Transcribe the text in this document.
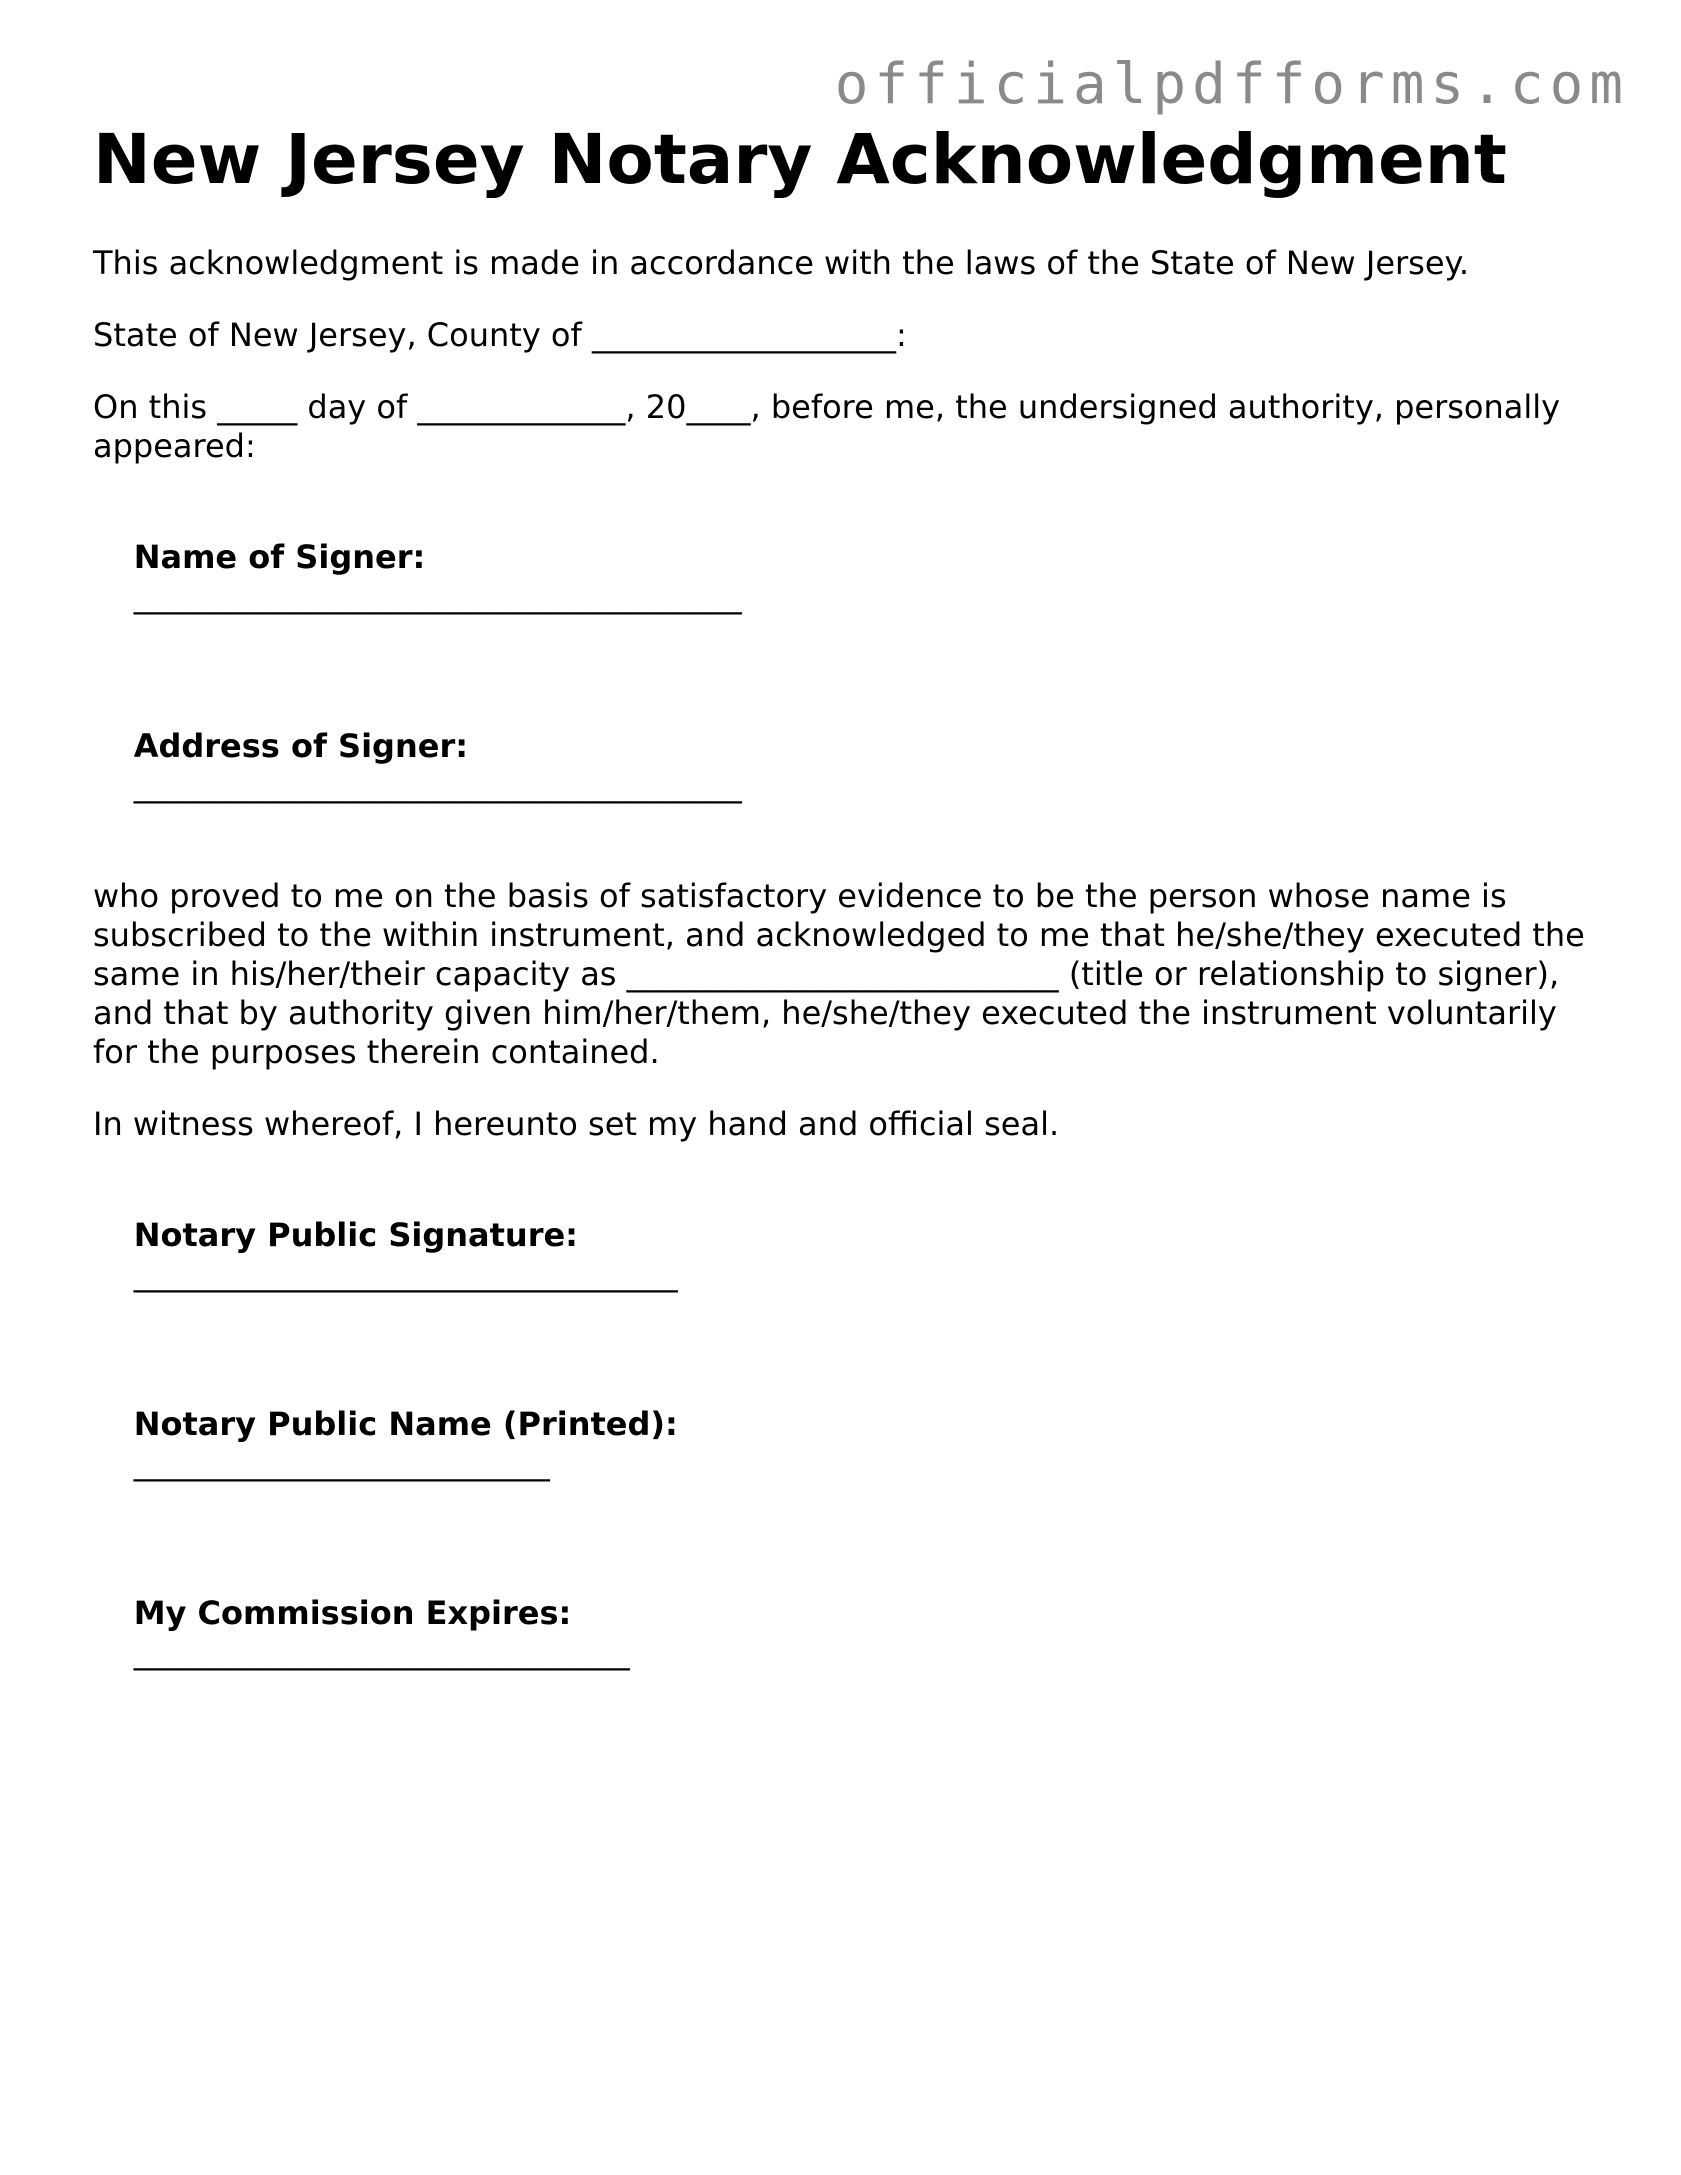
officialpdfforms.com
New Jersey Notary Acknowledgment

This acknowledgment is made in accordance with the laws of the State of New Jersey.

State of New Jersey, County of ___________________:

On this _____ day of _____________, 20____, before me, the undersigned authority, personally appeared:

Name of Signer:
______________________________________

Address of Signer:
______________________________________

who proved to me on the basis of satisfactory evidence to be the person whose name is subscribed to the within instrument, and acknowledged to me that he/she/they executed the same in his/her/their capacity as ___________________________ (title or relationship to signer), and that by authority given him/her/them, he/she/they executed the instrument voluntarily for the purposes therein contained.

In witness whereof, I hereunto set my hand and official seal.

Notary Public Signature:
__________________________________

Notary Public Name (Printed):
__________________________

My Commission Expires:
_______________________________
